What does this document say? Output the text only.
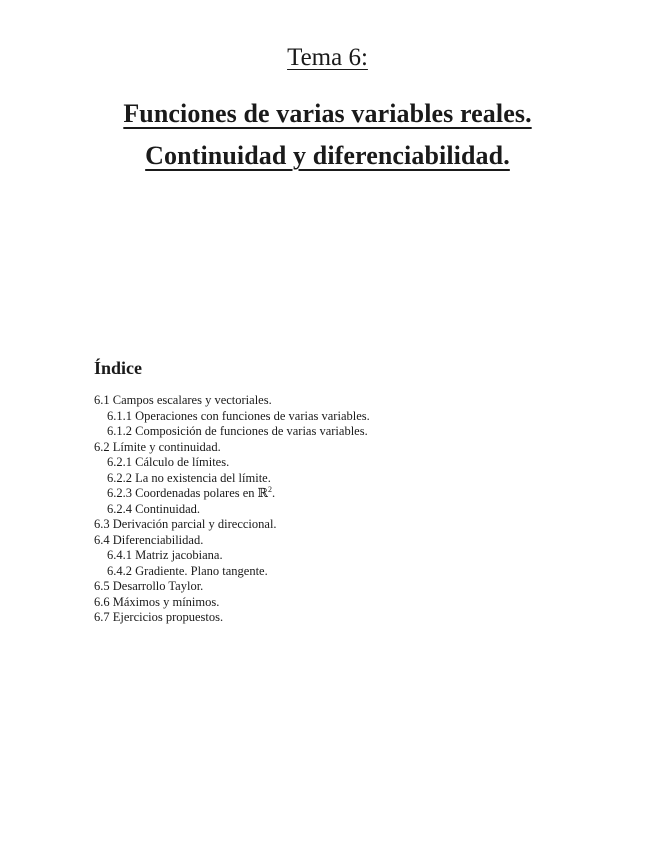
Tema 6:
Funciones de varias variables reales.
Continuidad y diferenciabilidad.
Índice
6.1 Campos escalares y vectoriales.
6.1.1 Operaciones con funciones de varias variables.
6.1.2 Composición de funciones de varias variables.
6.2 Límite y continuidad.
6.2.1 Cálculo de límites.
6.2.2 La no existencia del límite.
6.2.3 Coordenadas polares en ℝ$^2$.
6.2.4 Continuidad.
6.3 Derivación parcial y direccional.
6.4 Diferenciabilidad.
6.4.1 Matriz jacobiana.
6.4.2 Gradiente. Plano tangente.
6.5 Desarrollo Taylor.
6.6 Máximos y mínimos.
6.7 Ejercicios propuestos.
